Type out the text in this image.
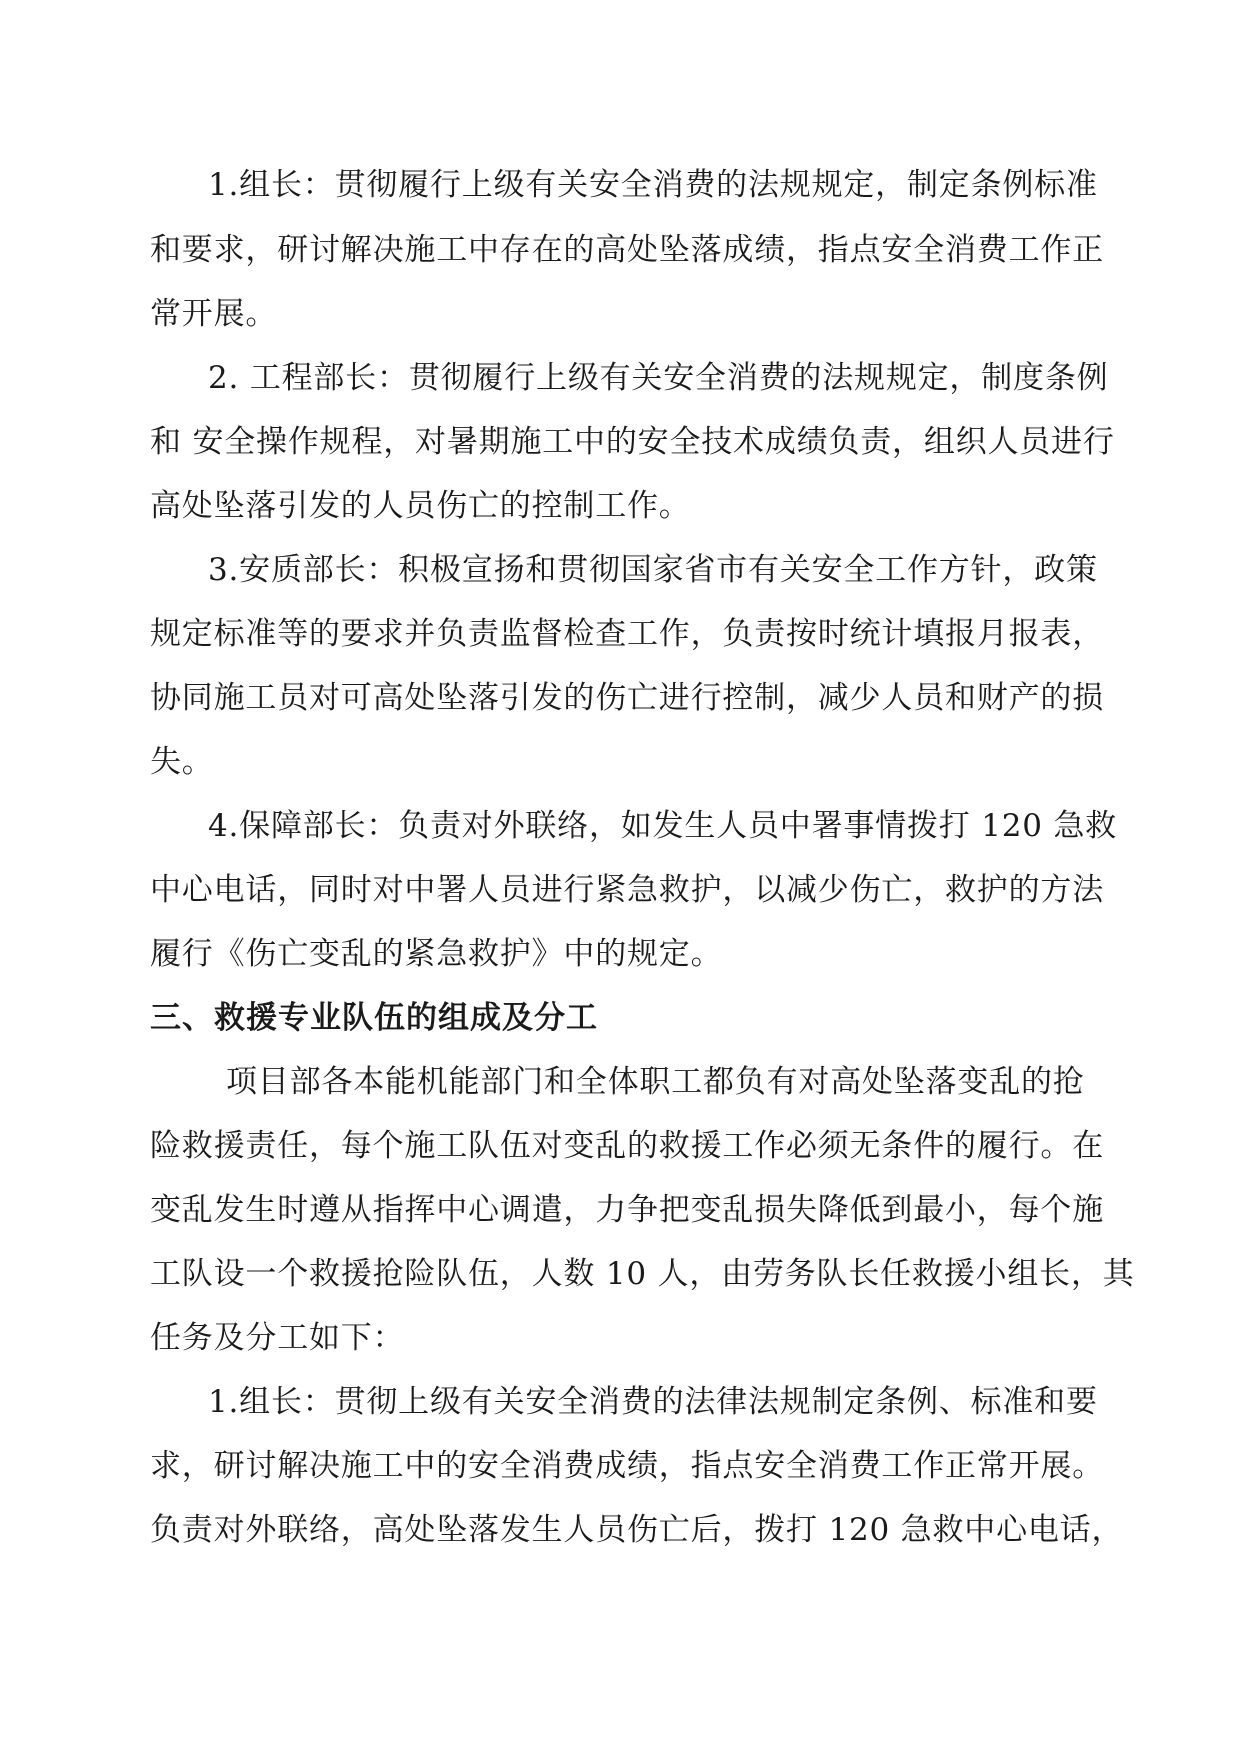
1.组长：贯彻履行上级有关安全消费的法规规定，制定条例标准
和要求，研讨解决施工中存在的高处坠落成绩，指点安全消费工作正
常开展。
2. 工程部长：贯彻履行上级有关安全消费的法规规定，制度条例
和 安全操作规程，对暑期施工中的安全技术成绩负责，组织人员进行
高处坠落引发的人员伤亡的控制工作。
3.安质部长：积极宣扬和贯彻国家省市有关安全工作方针，政策
规定标准等的要求并负责监督检查工作，负责按时统计填报月报表，
协同施工员对可高处坠落引发的伤亡进行控制，减少人员和财产的损
失。
4.保障部长：负责对外联络，如发生人员中署事情拨打 120 急救
中心电话，同时对中署人员进行紧急救护，以减少伤亡，救护的方法
履行《伤亡变乱的紧急救护》中的规定。
三、救援专业队伍的组成及分工
项目部各本能机能部门和全体职工都负有对高处坠落变乱的抢
险救援责任，每个施工队伍对变乱的救援工作必须无条件的履行。在
变乱发生时遵从指挥中心调遣，力争把变乱损失降低到最小，每个施
工队设一个救援抢险队伍，人数 10 人，由劳务队长任救援小组长，其
任务及分工如下：
1.组长：贯彻上级有关安全消费的法律法规制定条例、标准和要
求，研讨解决施工中的安全消费成绩，指点安全消费工作正常开展。
负责对外联络，高处坠落发生人员伤亡后，拨打 120 急救中心电话，
